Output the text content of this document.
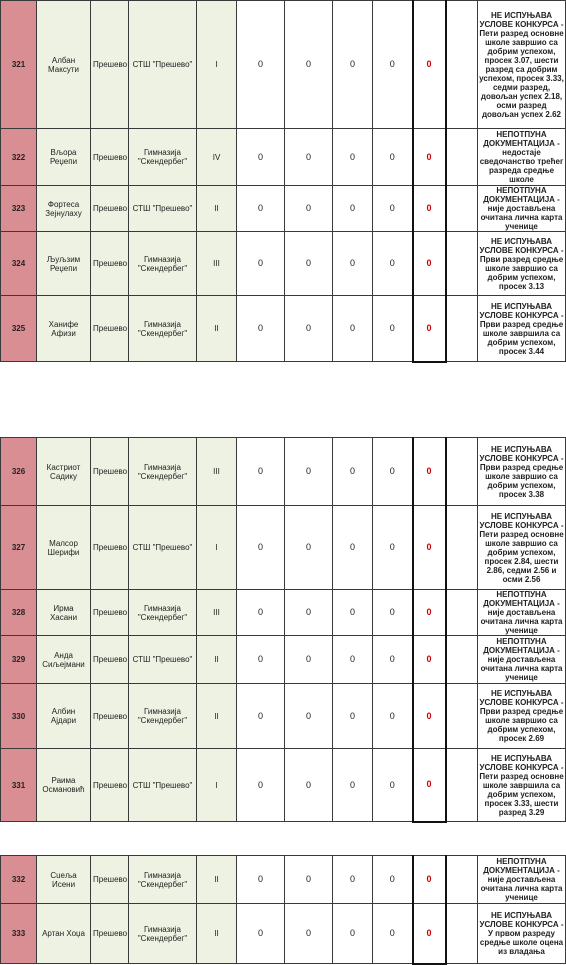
321	Албан Максути	Прешево	СТШ "Прешево"	I	0	0	0	0	0		НЕ ИСПУЊАВА УСЛОВЕ КОНКУРСА - Пети разред основне школе завршио са добрим успехом, просек 3.07, шести разред са добрим успехом, просек 3.33, седми разред, довољан успех 2.18, осми разред довољан успех 2.62
322	Вљора Реџепи	Прешево	Гимназија "Скендербег"	IV	0	0	0	0	0		НЕПОТПУНА ДОКУМЕНТАЦИЈА - недостаје сведочанство трећег разреда средње школе
323	Фортеса Зејнулаху	Прешево	СТШ "Прешево"	II	0	0	0	0	0		НЕПОТПУНА ДОКУМЕНТАЦИЈА - није достављена очитана лична карта ученице
324	Љуљзим Реџепи	Прешево	Гимназија "Скендербег"	III	0	0	0	0	0		НЕ ИСПУЊАВА УСЛОВЕ КОНКУРСА - Први разред средње школе завршио са добрим успехом, просек 3.13
325	Ханифе Афизи	Прешево	Гимназија "Скендербег"	II	0	0	0	0	0		НЕ ИСПУЊАВА УСЛОВЕ КОНКУРСА - Први разред средње школе завршила са добрим успехом, просек 3.44
326	Кастриот Садику	Прешево	Гимназија "Скендербег"	III	0	0	0	0	0		НЕ ИСПУЊАВА УСЛОВЕ КОНКУРСА - Први разред средње школе завршио са добрим успехом, просек 3.38
327	Малсор Шерифи	Прешево	СТШ "Прешево"	I	0	0	0	0	0		НЕ ИСПУЊАВА УСЛОВЕ КОНКУРСА - Пети разред основне школе завршио са добрим успехом, просек 2.84, шести 2.86, седми 2.56 и осми 2.56
328	Ирма Хасани	Прешево	Гимназија "Скендербег"	III	0	0	0	0	0		НЕПОТПУНА ДОКУМЕНТАЦИЈА - није достављена очитана лична карта ученице
329	Анда Сиљејмани	Прешево	СТШ "Прешево"	II	0	0	0	0	0		НЕПОТПУНА ДОКУМЕНТАЦИЈА - није достављена очитана лична карта ученице
330	Албин Ајдари	Прешево	Гимназија "Скендербег"	II	0	0	0	0	0		НЕ ИСПУЊАВА УСЛОВЕ КОНКУРСА - Први разред средње школе завршио са добрим успехом, просек 2.69
331	Раима Османовић	Прешево	СТШ "Прешево"	I	0	0	0	0	0		НЕ ИСПУЊАВА УСЛОВЕ КОНКУРСА - Пети разред основне школе завршила са добрим успехом, просек 3.33, шести разред 3.29
332	Сueља Исени	Прешево	Гимназија "Скендербег"	II	0	0	0	0	0		НЕПОТПУНА ДОКУМЕНТАЦИЈА - није достављена очитана лична карта ученице
333	Артан Хоџа	Прешево	Гимназија "Скендербег"	II	0	0	0	0	0		НЕ ИСПУЊАВА УСЛОВЕ КОНКУРСА - У првом разреду средње школе оцена из владања
